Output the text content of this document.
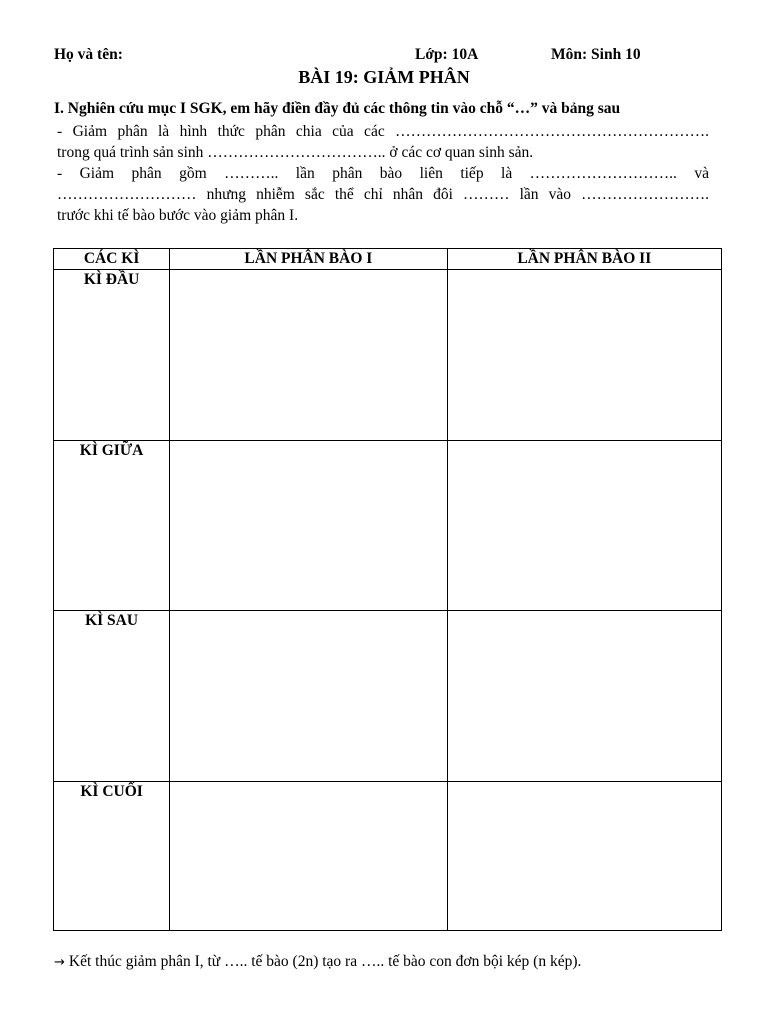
Họ và tên:	Lớp: 10A	Môn: Sinh 10
BÀI 19: GIẢM PHÂN
I. Nghiên cứu mục I SGK, em hãy điền đầy đủ các thông tin vào chỗ “…” và bảng sau
- Giảm phân là hình thức phân chia của các …………………………………………………….
trong quá trình sản sinh …………………………….. ở các cơ quan sinh sản.
- Giảm phân gồm ……….. lần phân bào liên tiếp là ……………………….. và
……………………… nhưng nhiễm sắc thể chỉ nhân đôi ……… lần vào …………………….
trước khi tế bào bước vào giảm phân I.
CÁC KÌ	LẦN PHÂN BÀO I	LẦN PHÂN BÀO II
KÌ ĐẦU		
KÌ GIỮA		
KÌ SAU		
KÌ CUỐI		
→ Kết thúc giảm phân I, từ ….. tế bào (2n) tạo ra ….. tế bào con đơn bội kép (n kép).
